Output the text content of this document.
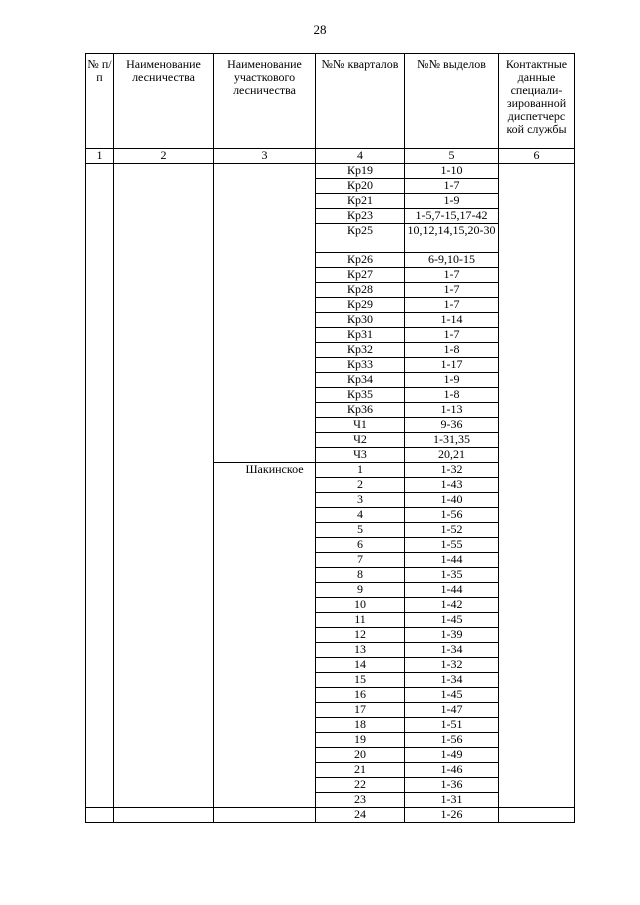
28
№ п/п	Наименование лесничества	Наименование участкового лесничества	№№ кварталов	№№ выделов	Контактные данные специали- зированной диспетчерс кой службы
1	2	3	4	5	6
			Кр19	1-10	
			Кр20	1-7	
			Кр21	1-9	
			Кр23	1-5,7-15,17-42	
			Кр25	10,12,14,15,20-30	
			Кр26	6-9,10-15	
			Кр27	1-7	
			Кр28	1-7	
			Кр29	1-7	
			Кр30	1-14	
			Кр31	1-7	
			Кр32	1-8	
			Кр33	1-17	
			Кр34	1-9	
			Кр35	1-8	
			Кр36	1-13	
			Ч1	9-36	
			Ч2	1-31,35	
			Ч3	20,21	
		Шакинское	1	1-32	
			2	1-43	
			3	1-40	
			4	1-56	
			5	1-52	
			6	1-55	
			7	1-44	
			8	1-35	
			9	1-44	
			10	1-42	
			11	1-45	
			12	1-39	
			13	1-34	
			14	1-32	
			15	1-34	
			16	1-45	
			17	1-47	
			18	1-51	
			19	1-56	
			20	1-49	
			21	1-46	
			22	1-36	
			23	1-31	
			24	1-26	
